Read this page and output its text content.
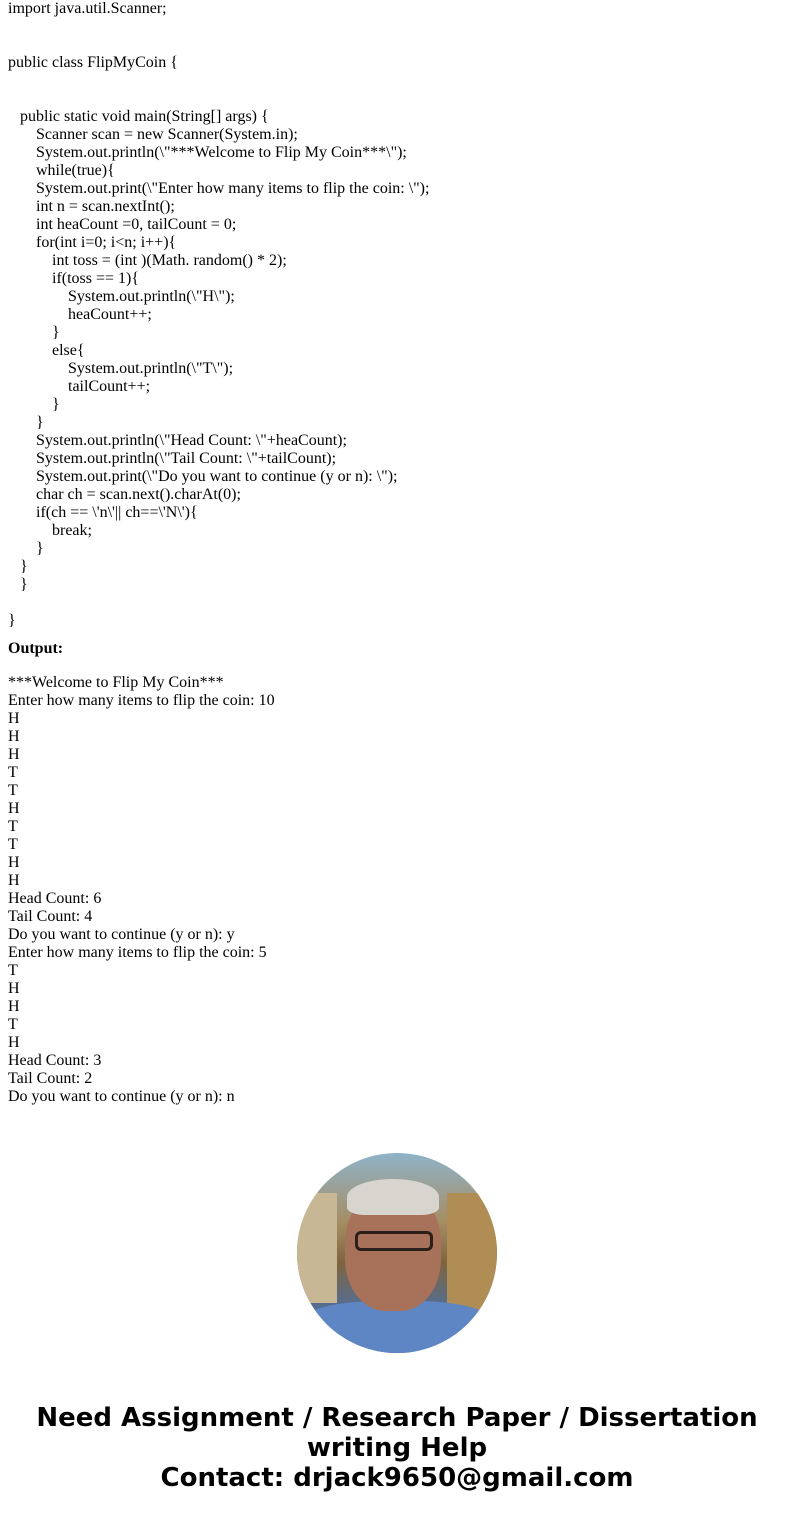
import java.util.Scanner;
public class FlipMyCoin {
public static void main(String[] args) {
Scanner scan = new Scanner(System.in);
System.out.println(\"***Welcome to Flip My Coin***\");
while(true){
System.out.print(\"Enter how many items to flip the coin: \");
int n = scan.nextInt();
int heaCount =0, tailCount = 0;
for(int i=0; i<n; i++){
int toss = (int )(Math. random() * 2);
if(toss == 1){
System.out.println(\"H\");
heaCount++;
}
else{
System.out.println(\"T\");
tailCount++;
}
}
System.out.println(\"Head Count: \"+heaCount);
System.out.println(\"Tail Count: \"+tailCount);
System.out.print(\"Do you want to continue (y or n): \");
char ch = scan.next().charAt(0);
if(ch == \'n\'|| ch==\'N\'){
break;
}
}
}
}
Output:
***Welcome to Flip My Coin***
Enter how many items to flip the coin: 10
H
H
H
T
T
H
T
T
H
H
Head Count: 6
Tail Count: 4
Do you want to continue (y or n): y
Enter how many items to flip the coin: 5
T
H
H
T
H
Head Count: 3
Tail Count: 2
Do you want to continue (y or n): n
Need Assignment / Research Paper / Dissertation
writing Help
Contact: drjack9650@gmail.com
